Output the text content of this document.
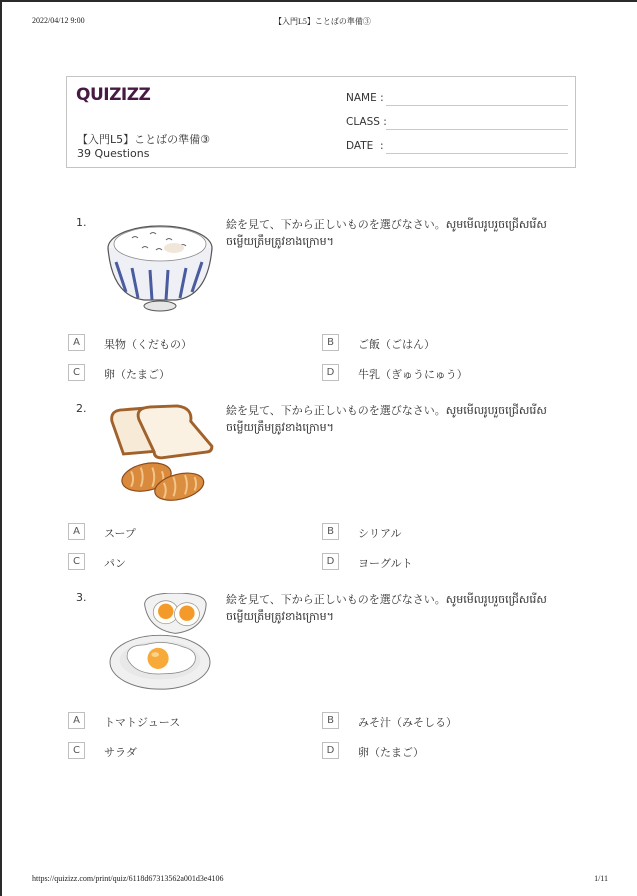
2022/04/12 9:00	【入門L5】ことばの準備③
QUIZIZZ
【入門L5】ことばの準備③
39 Questions
NAME :
CLASS :
DATE  :
1.	絵を見て、下から正しいものを選びなさい。សូមមើលរូបរួចជ្រើសរើសចម្លើយត្រឹមត្រូវខាងក្រោម។
A	果物（くだもの）	B	ご飯（ごはん）
C	卵（たまご）	D	牛乳（ぎゅうにゅう）
2.	絵を見て、下から正しいものを選びなさい。សូមមើលរូបរួចជ្រើសរើសចម្លើយត្រឹមត្រូវខាងក្រោម។
A	スープ	B	シリアル
C	パン	D	ヨーグルト
3.	絵を見て、下から正しいものを選びなさい。សូមមើលរូបរួចជ្រើសរើសចម្លើយត្រឹមត្រូវខាងក្រោម។
A	トマトジュース	B	みそ汁（みそしる）
C	サラダ	D	卵（たまご）
https://quizizz.com/print/quiz/6118d67313562a001d3e4106	1/11
